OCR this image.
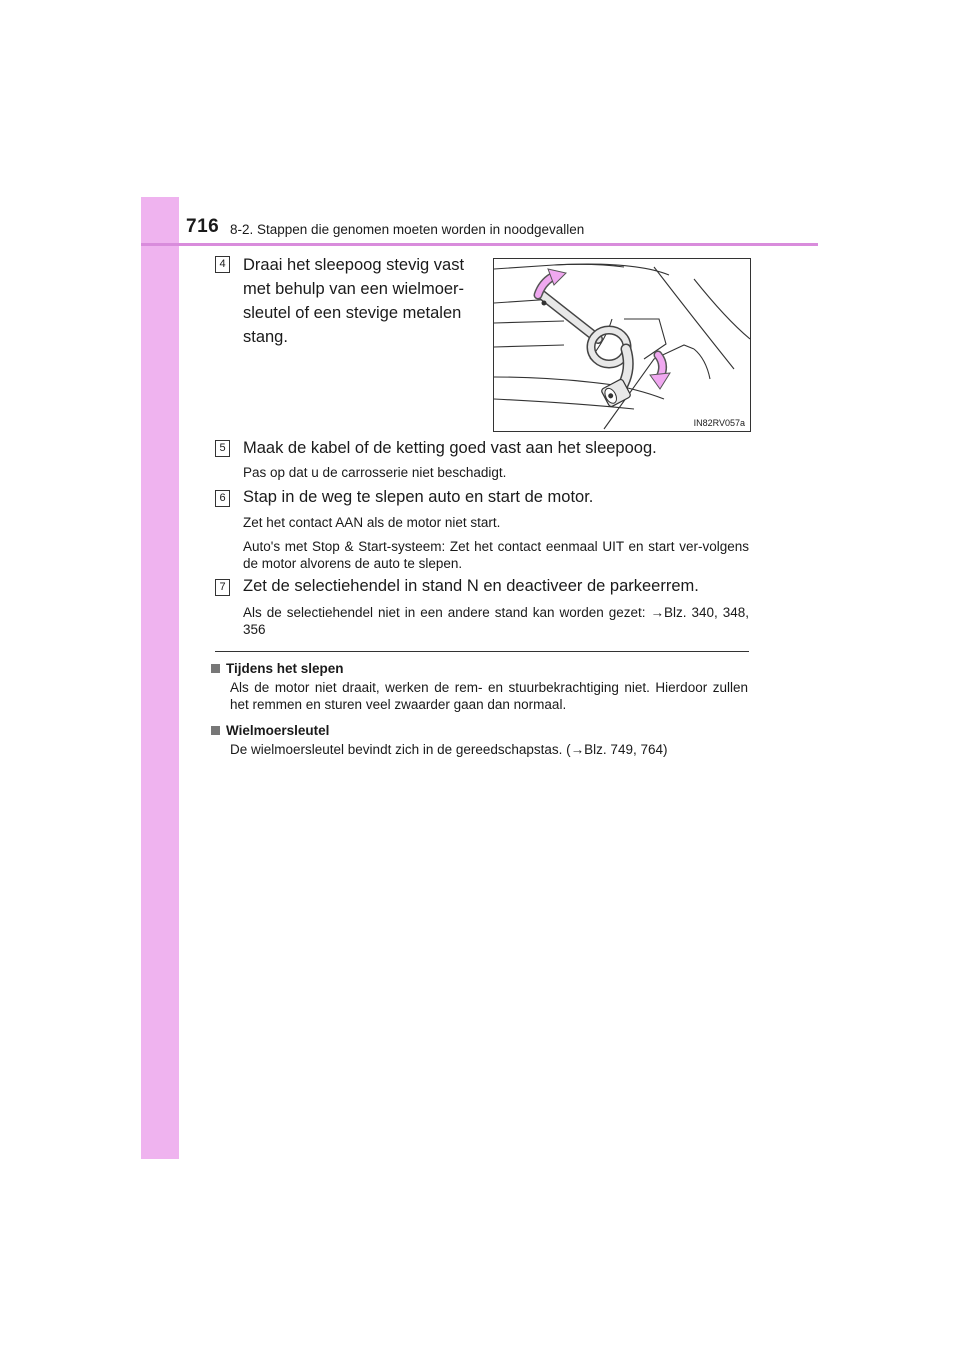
716 8-2. Stappen die genomen moeten worden in noodgevallen
4 Draai het sleepoog stevig vast
met behulp van een wielmoer-
sleutel of een stevige metalen
stang.
IN82RV057a
5 Maak de kabel of de ketting goed vast aan het sleepoog.
Pas op dat u de carrosserie niet beschadigt.
6 Stap in de weg te slepen auto en start de motor.
Zet het contact AAN als de motor niet start.
Auto's met Stop & Start-systeem: Zet het contact eenmaal UIT en start ver-volgens de motor alvorens de auto te slepen.
7 Zet de selectiehendel in stand N en deactiveer de parkeerrem.
Als de selectiehendel niet in een andere stand kan worden gezet: →Blz. 340, 348, 356
Tijdens het slepen
Als de motor niet draait, werken de rem- en stuurbekrachtiging niet. Hierdoor zullen het remmen en sturen veel zwaarder gaan dan normaal.
Wielmoersleutel
De wielmoersleutel bevindt zich in de gereedschapstas. (→Blz. 749, 764)
